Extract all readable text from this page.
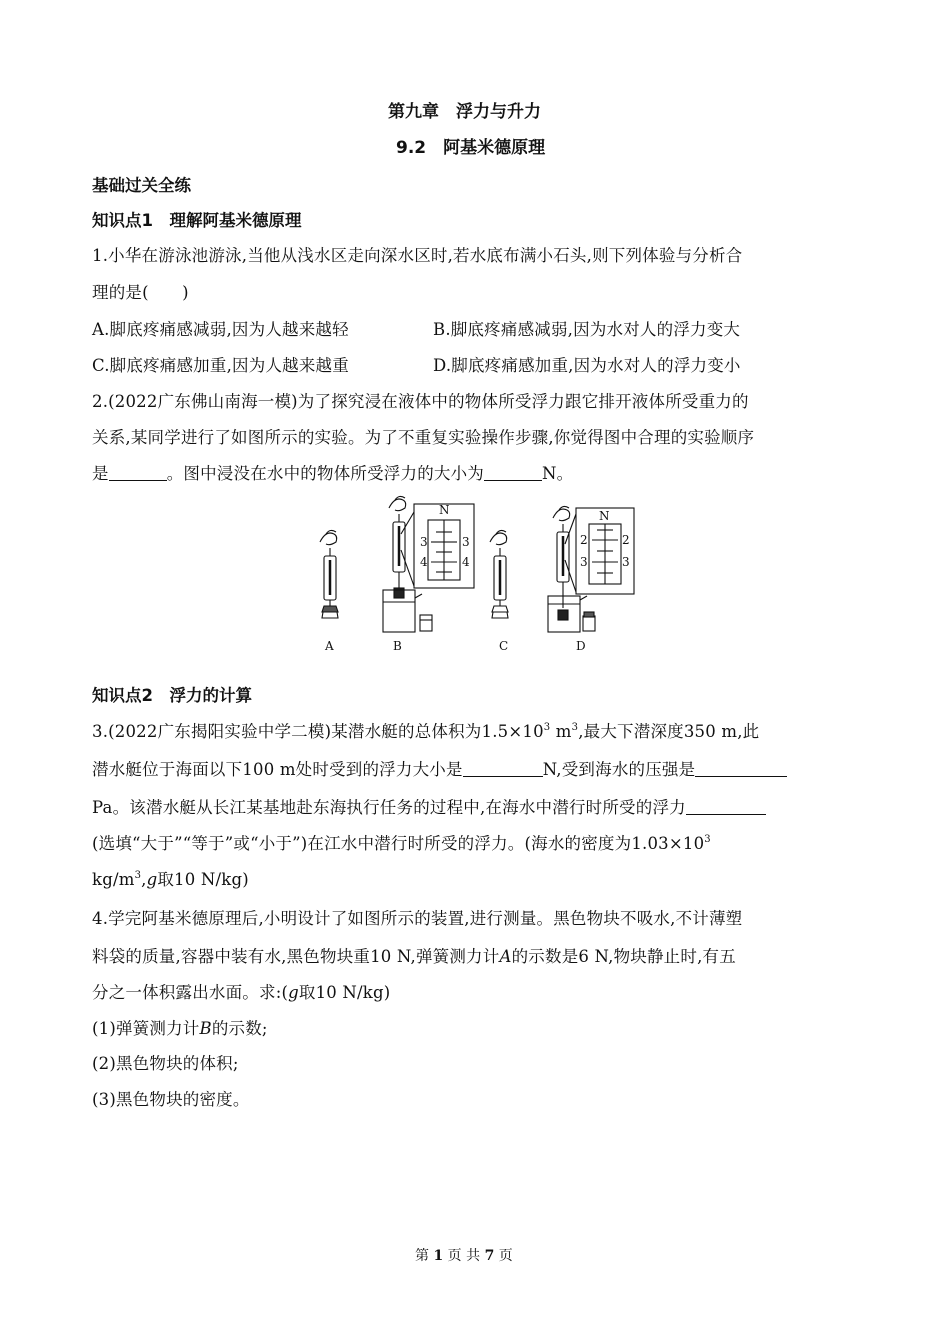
第九章　浮力与升力
9.2　阿基米德原理
基础过关全练
知识点1　理解阿基米德原理
1.小华在游泳池游泳,当他从浅水区走向深水区时,若水底布满小石头,则下列体验与分析合
理的是(　　)
A.脚底疼痛感减弱,因为人越来越轻	B.脚底疼痛感减弱,因为水对人的浮力变大
C.脚底疼痛感加重,因为人越来越重	D.脚底疼痛感加重,因为水对人的浮力变小
2.(2022广东佛山南海一模)为了探究浸在液体中的物体所受浮力跟它排开液体所受重力的
关系,某同学进行了如图所示的实验。为了不重复实验操作步骤,你觉得图中合理的实验顺序
是	。图中浸没在水中的物体所受浮力的大小为	N。
N
3	3
4	4
N
2	2
3	3
A	B	C	D
知识点2　浮力的计算
3.(2022广东揭阳实验中学二模)某潜水艇的总体积为$1.5\times 10^3$ $m^3$,最大下潜深度350 m,此
潜水艇位于海面以下100 m处时受到的浮力大小是	N,受到海水的压强是
Pa。该潜水艇从长江某基地赴东海执行任务的过程中,在海水中潜行时所受的浮力
(选填“大于”“等于”或“小于”)在江水中潜行时所受的浮力。(海水的密度为$1.03\times 10^3$
$kg/m^3,g$取10 N/kg)
4.学完阿基米德原理后,小明设计了如图所示的装置,进行测量。黑色物块不吸水,不计薄塑
料袋的质量,容器中装有水,黑色物块重10 N,弹簧测力计A的示数是6 N,物块静止时,有五
分之一体积露出水面。求:(g取10 N/kg)
(1)弹簧测力计B的示数;
(2)黑色物块的体积;
(3)黑色物块的密度。
第 1 页 共 7 页
